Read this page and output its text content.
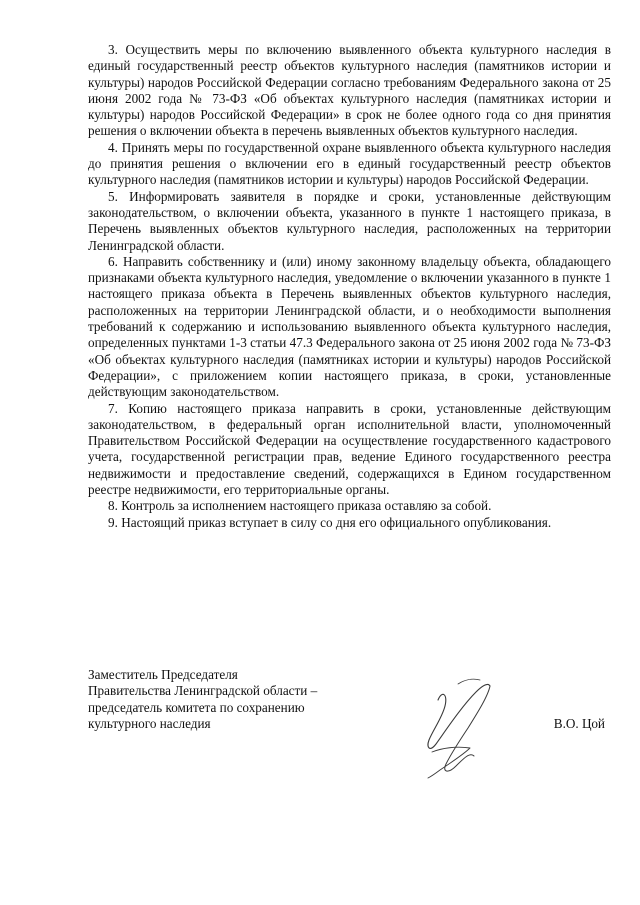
3. Осуществить меры по включению выявленного объекта культурного наследия в единый государственный реестр объектов культурного наследия (памятников истории и культуры) народов Российской Федерации согласно требованиям Федерального закона от 25 июня 2002 года № 73-ФЗ «Об объектах культурного наследия (памятниках истории и культуры) народов Российской Федерации» в срок не более одного года со дня принятия решения о включении объекта в перечень выявленных объектов культурного наследия.

4. Принять меры по государственной охране выявленного объекта культурного наследия до принятия решения о включении его в единый государственный реестр объектов культурного наследия (памятников истории и культуры) народов Российской Федерации.

5. Информировать заявителя в порядке и сроки, установленные действующим законодательством, о включении объекта, указанного в пункте 1 настоящего приказа, в Перечень выявленных объектов культурного наследия, расположенных на территории Ленинградской области.

6. Направить собственнику и (или) иному законному владельцу объекта, обладающего признаками объекта культурного наследия, уведомление о включении указанного в пункте 1 настоящего приказа объекта в Перечень выявленных объектов культурного наследия, расположенных на территории Ленинградской области, и о необходимости выполнения требований к содержанию и использованию выявленного объекта культурного наследия, определенных пунктами 1-3 статьи 47.3 Федерального закона от 25 июня 2002 года № 73-ФЗ «Об объектах культурного наследия (памятниках истории и культуры) народов Российской Федерации», с приложением копии настоящего приказа, в сроки, установленные действующим законодательством.

7. Копию настоящего приказа направить в сроки, установленные действующим законодательством, в федеральный орган исполнительной власти, уполномоченный Правительством Российской Федерации на осуществление государственного кадастрового учета, государственной регистрации прав, ведение Единого государственного реестра недвижимости и предоставление сведений, содержащихся в Едином государственном реестре недвижимости, его территориальные органы.

8. Контроль за исполнением настоящего приказа оставляю за собой.

9. Настоящий приказ вступает в силу со дня его официального опубликования.

Заместитель Председателя
Правительства Ленинградской области –
председатель комитета по сохранению
культурного наследия	В.О. Цой
